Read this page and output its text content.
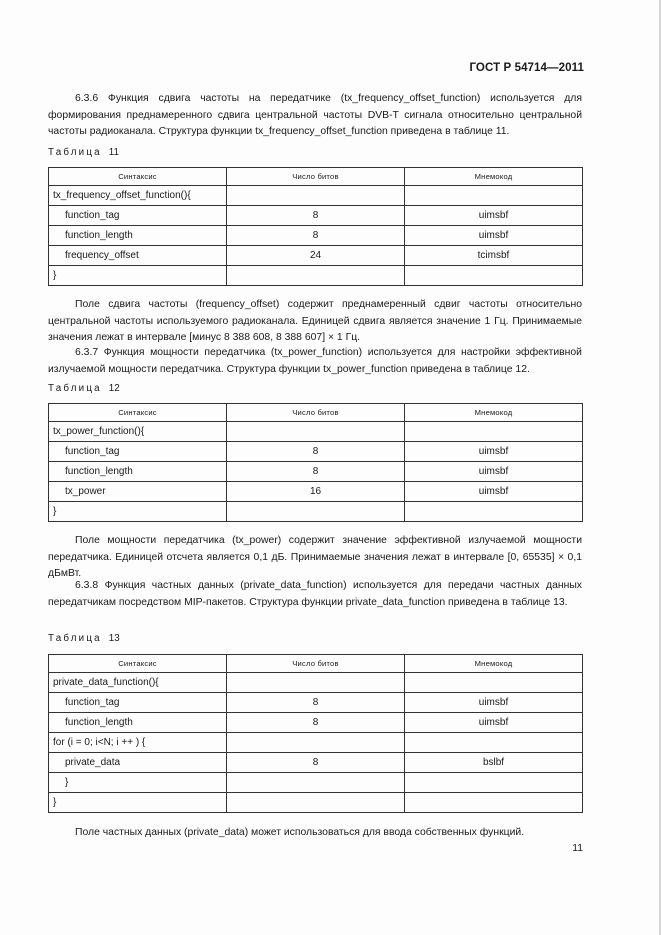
ГОСТ Р 54714—2011

6.3.6 Функция сдвига частоты на передатчике (tx_frequency_offset_function) используется для формирования преднамеренного сдвига центральной частоты DVB-T сигнала относительно центральной частоты радиоканала. Структура функции tx_frequency_offset_function приведена в таблице 11.

Таблица 11
Синтаксис	Число битов	Мнемокод
tx_frequency_offset_function(){		
function_tag	8	uimsbf
function_length	8	uimsbf
frequency_offset	24	tcimsbf
}		

Поле сдвига частоты (frequency_offset) содержит преднамеренный сдвиг частоты относительно центральной частоты используемого радиоканала. Единицей сдвига является значение 1 Гц. Принимаемые значения лежат в интервале [минус 8 388 608, 8 388 607] × 1 Гц.

6.3.7 Функция мощности передатчика (tx_power_function) используется для настройки эффективной излучаемой мощности передатчика. Структура функции tx_power_function приведена в таблице 12.

Таблица 12
Синтаксис	Число битов	Мнемокод
tx_power_function(){		
function_tag	8	uimsbf
function_length	8	uimsbf
tx_power	16	uimsbf
}		

Поле мощности передатчика (tx_power) содержит значение эффективной излучаемой мощности передатчика. Единицей отсчета является 0,1 дБ. Принимаемые значения лежат в интервале [0, 65535] × 0,1 дБмВт.

6.3.8 Функция частных данных (private_data_function) используется для передачи частных данных передатчикам посредством MIP-пакетов. Структура функции private_data_function приведена в таблице 13.

Таблица 13
Синтаксис	Число битов	Мнемокод
private_data_function(){		
function_tag	8	uimsbf
function_length	8	uimsbf
for (i = 0; i<N; i ++ ) {		
private_data	8	bslbf
}		
}		

Поле частных данных (private_data) может использоваться для ввода собственных функций.

11
